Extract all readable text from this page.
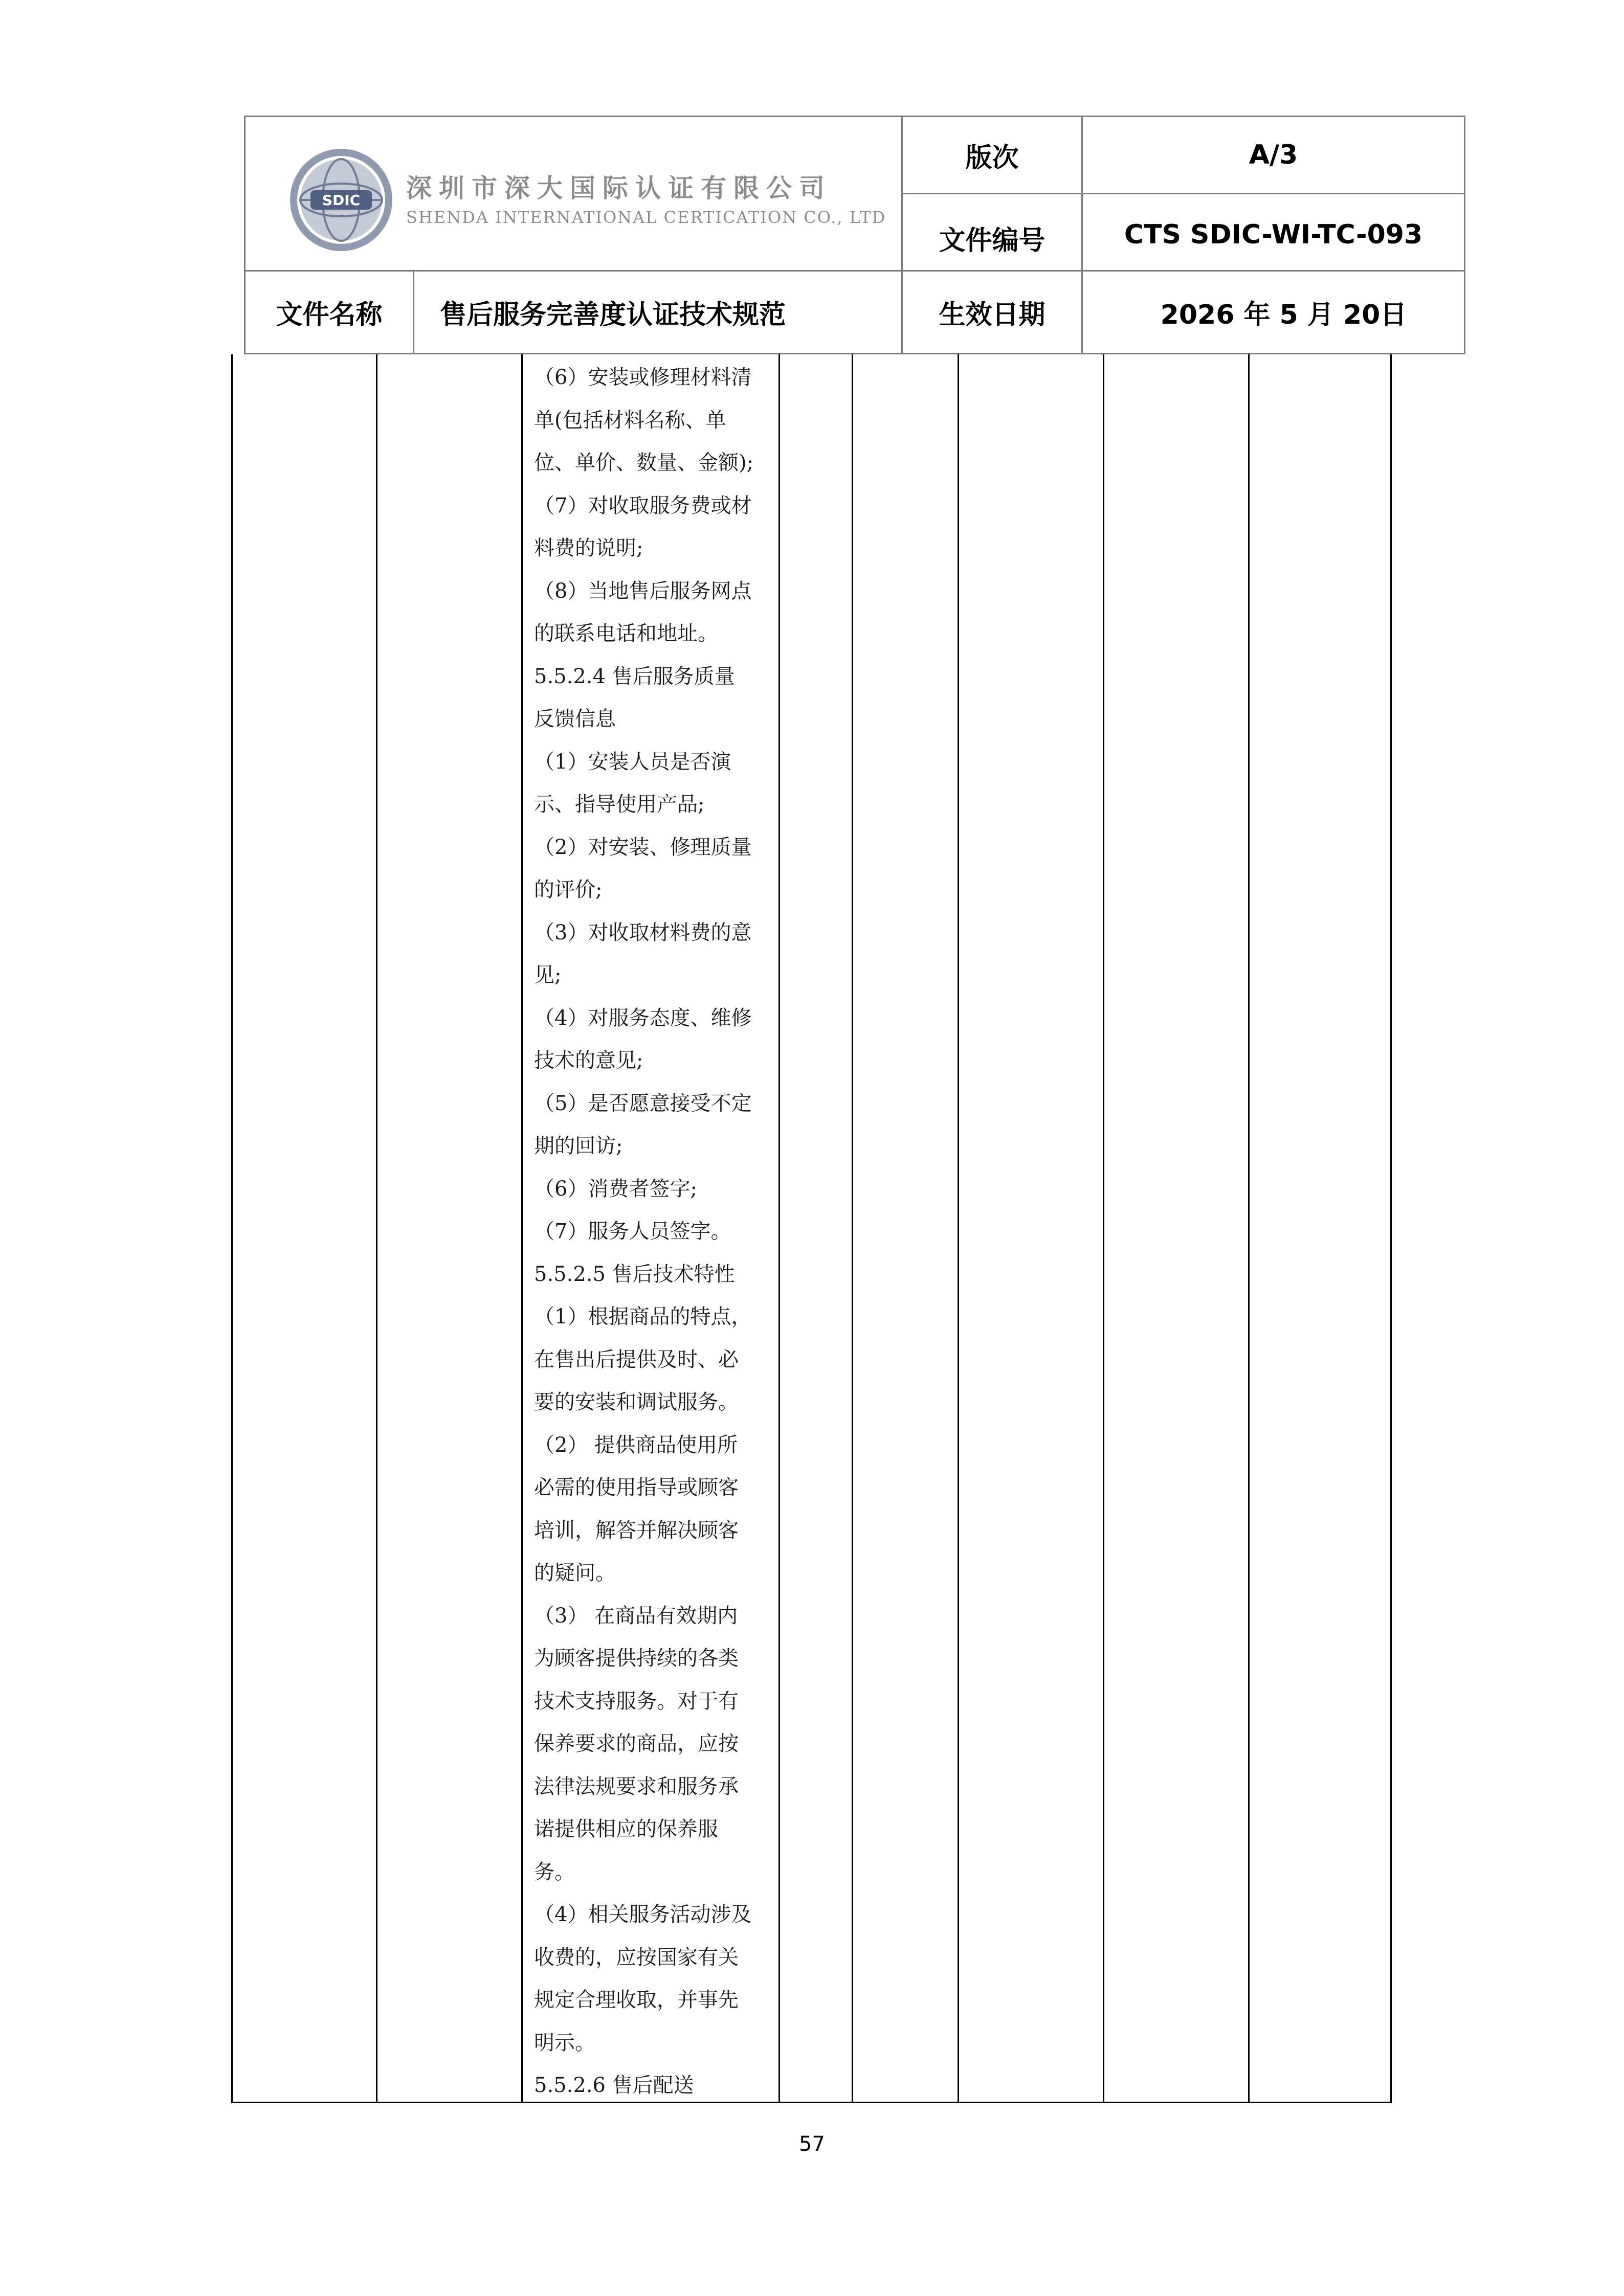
SDIC 深圳市深大国际认证有限公司
SHENDA INTERNATIONAL CERTICATION CO., LTD
版次	A/3
文件编号	CTS SDIC-WI-TC-093
文件名称	售后服务完善度认证技术规范	生效日期	2026 年 5 月 20日
（6）安装或修理材料清
单(包括材料名称、单
位、单价、数量、金额);
（7）对收取服务费或材
料费的说明;
（8）当地售后服务网点
的联系电话和地址。
5.5.2.4 售后服务质量
反馈信息
（1）安装人员是否演
示、指导使用产品;
（2）对安装、修理质量
的评价;
（3）对收取材料费的意
见;
（4）对服务态度、维修
技术的意见;
（5）是否愿意接受不定
期的回访;
（6）消费者签字;
（7）服务人员签字。
5.5.2.5 售后技术特性
（1）根据商品的特点，
在售出后提供及时、必
要的安装和调试服务。
（2） 提供商品使用所
必需的使用指导或顾客
培训，解答并解决顾客
的疑问。
（3） 在商品有效期内
为顾客提供持续的各类
技术支持服务。对于有
保养要求的商品，应按
法律法规要求和服务承
诺提供相应的保养服
务。
（4）相关服务活动涉及
收费的，应按国家有关
规定合理收取，并事先
明示。
5.5.2.6 售后配送
57
